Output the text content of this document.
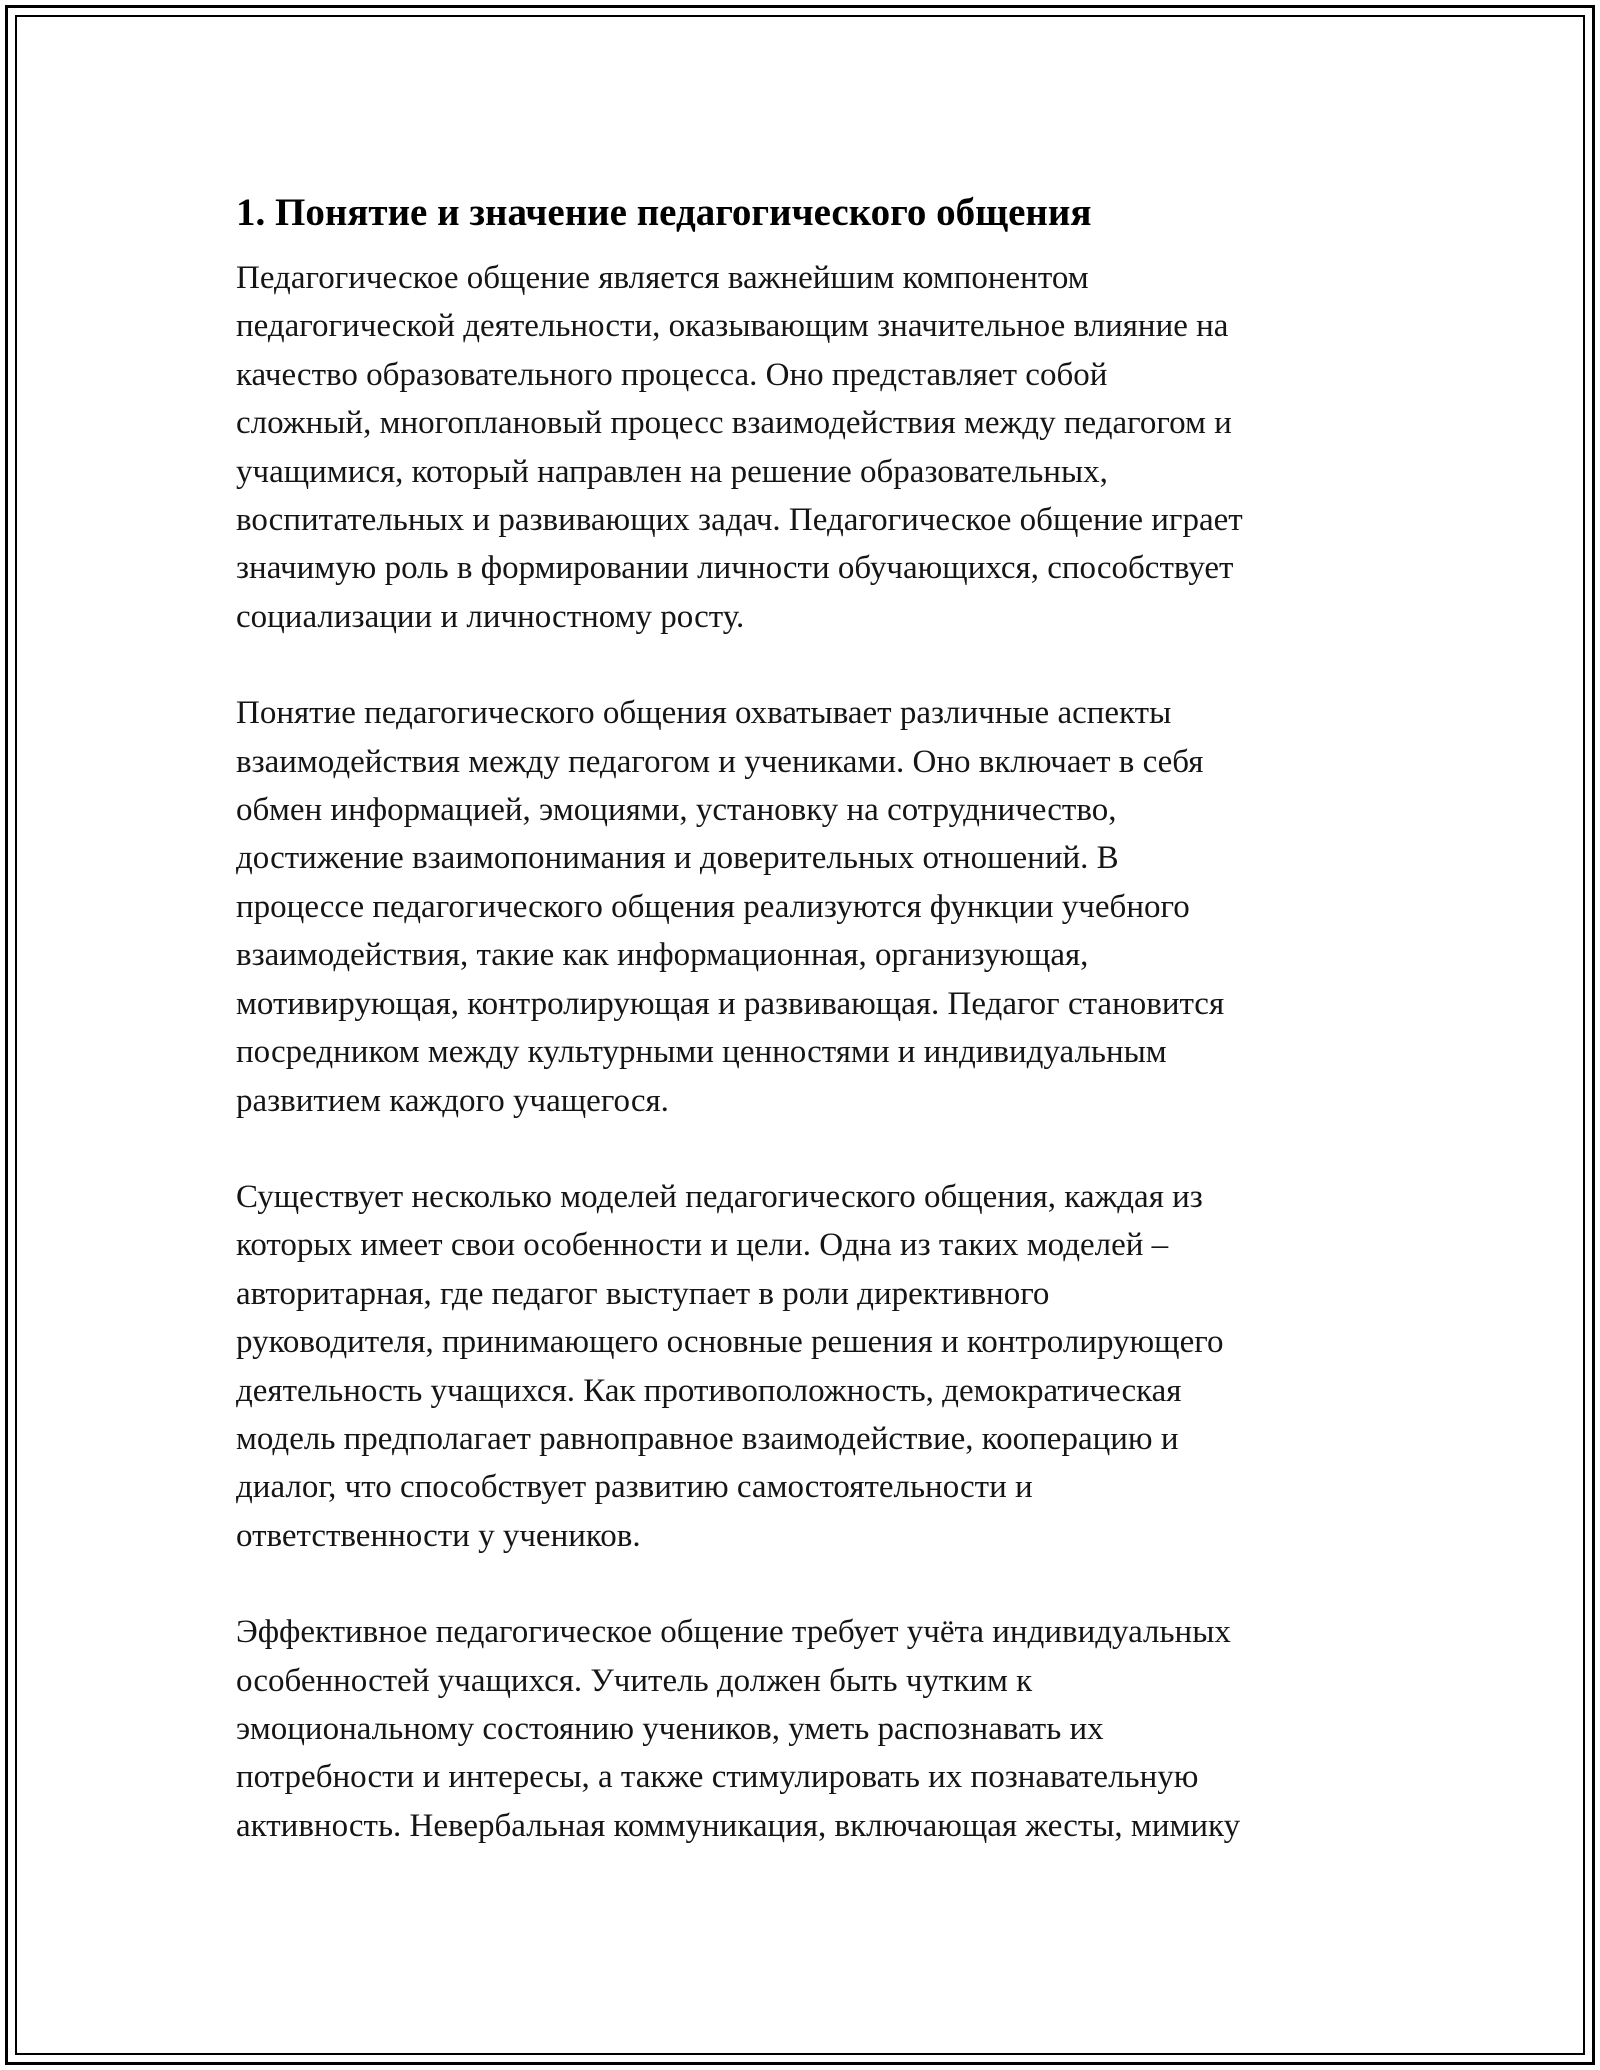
1. Понятие и значение педагогического общения

Педагогическое общение является важнейшим компонентом
педагогической деятельности, оказывающим значительное влияние на
качество образовательного процесса. Оно представляет собой
сложный, многоплановый процесс взаимодействия между педагогом и
учащимися, который направлен на решение образовательных,
воспитательных и развивающих задач. Педагогическое общение играет
значимую роль в формировании личности обучающихся, способствует
социализации и личностному росту.

Понятие педагогического общения охватывает различные аспекты
взаимодействия между педагогом и учениками. Оно включает в себя
обмен информацией, эмоциями, установку на сотрудничество,
достижение взаимопонимания и доверительных отношений. В
процессе педагогического общения реализуются функции учебного
взаимодействия, такие как информационная, организующая,
мотивирующая, контролирующая и развивающая. Педагог становится
посредником между культурными ценностями и индивидуальным
развитием каждого учащегося.

Существует несколько моделей педагогического общения, каждая из
которых имеет свои особенности и цели. Одна из таких моделей –
авторитарная, где педагог выступает в роли директивного
руководителя, принимающего основные решения и контролирующего
деятельность учащихся. Как противоположность, демократическая
модель предполагает равноправное взаимодействие, кооперацию и
диалог, что способствует развитию самостоятельности и
ответственности у учеников.

Эффективное педагогическое общение требует учёта индивидуальных
особенностей учащихся. Учитель должен быть чутким к
эмоциональному состоянию учеников, уметь распознавать их
потребности и интересы, а также стимулировать их познавательную
активность. Невербальная коммуникация, включающая жесты, мимику
